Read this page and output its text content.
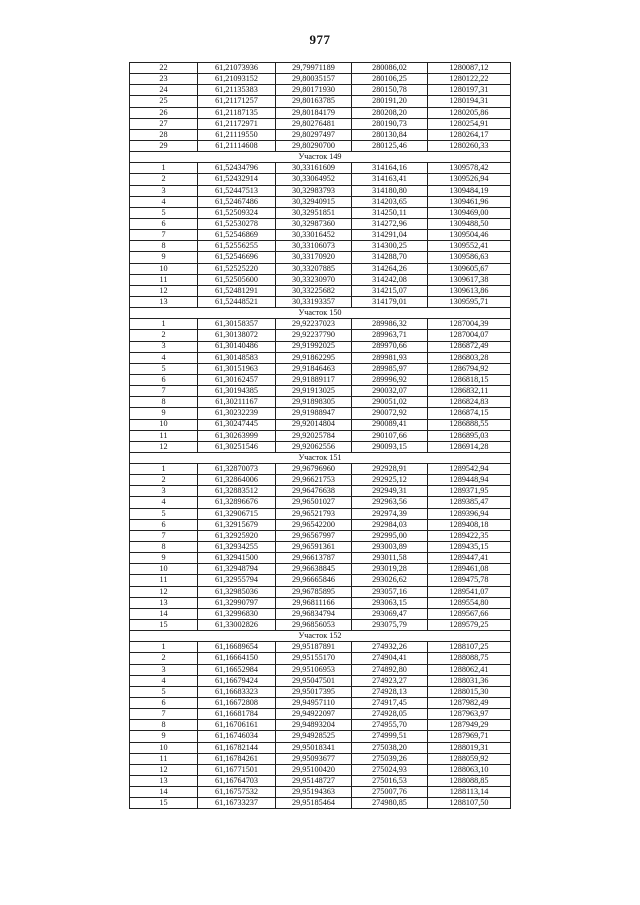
977
22	61,21073936	29,79971189	280086,02	1280087,12
23	61,21093152	29,80035157	280106,25	1280122,22
24	61,21135383	29,80171930	280150,78	1280197,31
25	61,21171257	29,80163785	280191,20	1280194,31
26	61,21187135	29,80184179	280208,20	1280205,86
27	61,21172971	29,80276481	280190,73	1280254,91
28	61,21119550	29,80297497	280130,84	1280264,17
29	61,21114608	29,80290700	280125,46	1280260,33
Участок 149				
1	61,52434796	30,33161609	314164,16	1309578,42
2	61,52432914	30,33064952	314163,41	1309526,94
3	61,52447513	30,32983793	314180,80	1309484,19
4	61,52467486	30,32940915	314203,65	1309461,96
5	61,52509324	30,32951851	314250,11	1309469,00
6	61,52530278	30,32987360	314272,96	1309488,50
7	61,52546869	30,33016452	314291,04	1309504,46
8	61,52556255	30,33106073	314300,25	1309552,41
9	61,52546696	30,33170920	314288,70	1309586,63
10	61,52525220	30,33207885	314264,26	1309605,67
11	61,52505600	30,33230970	314242,08	1309617,38
12	61,52481291	30,33225682	314215,07	1309613,86
13	61,52448521	30,33193357	314179,01	1309595,71
Участок 150				
1	61,30158357	29,92237023	289986,32	1287004,39
2	61,30138072	29,92237790	289963,71	1287004,07
3	61,30140486	29,91992025	289970,66	1286872,49
4	61,30148583	29,91862295	289981,93	1286803,28
5	61,30151963	29,91846463	289985,97	1286794,92
6	61,30162457	29,91889117	289996,92	1286818,15
7	61,30194385	29,91913025	290032,07	1286832,11
8	61,30211167	29,91898305	290051,02	1286824,83
9	61,30232239	29,91988947	290072,92	1286874,15
10	61,30247445	29,92014804	290089,41	1286888,55
11	61,30263999	29,92025784	290107,66	1286895,03
12	61,30251546	29,92062556	290093,15	1286914,28
Участок 151				
1	61,32870073	29,96796960	292928,91	1289542,94
2	61,32864006	29,96621753	292925,12	1289448,94
3	61,32883512	29,96476638	292949,31	1289371,95
4	61,32896676	29,96501027	292963,56	1289385,47
5	61,32906715	29,96521793	292974,39	1289396,94
6	61,32915679	29,96542200	292984,03	1289408,18
7	61,32925920	29,96567997	292995,00	1289422,35
8	61,32934255	29,96591361	293003,89	1289435,15
9	61,32941500	29,96613787	293011,58	1289447,41
10	61,32948794	29,96638845	293019,28	1289461,08
11	61,32955794	29,96665846	293026,62	1289475,78
12	61,32985036	29,96785895	293057,16	1289541,07
13	61,32990797	29,96811166	293063,15	1289554,80
14	61,32996830	29,96834794	293069,47	1289567,66
15	61,33002826	29,96856053	293075,79	1289579,25
Участок 152				
1	61,16689654	29,95187891	274932,26	1288107,25
2	61,16664150	29,95155170	274904,41	1288088,75
3	61,16652984	29,95106953	274892,80	1288062,41
4	61,16679424	29,95047501	274923,27	1288031,36
5	61,16683323	29,95017395	274928,13	1288015,30
6	61,16672808	29,94957110	274917,45	1287982,49
7	61,16681784	29,94922097	274928,05	1287963,97
8	61,16706161	29,94893204	274955,70	1287949,29
9	61,16746034	29,94928525	274999,51	1287969,71
10	61,16782144	29,95018341	275038,20	1288019,31
11	61,16784261	29,95093677	275039,26	1288059,92
12	61,16771501	29,95100420	275024,93	1288063,10
13	61,16764703	29,95148727	275016,53	1288088,85
14	61,16757532	29,95194363	275007,76	1288113,14
15	61,16733237	29,95185464	274980,85	1288107,50
